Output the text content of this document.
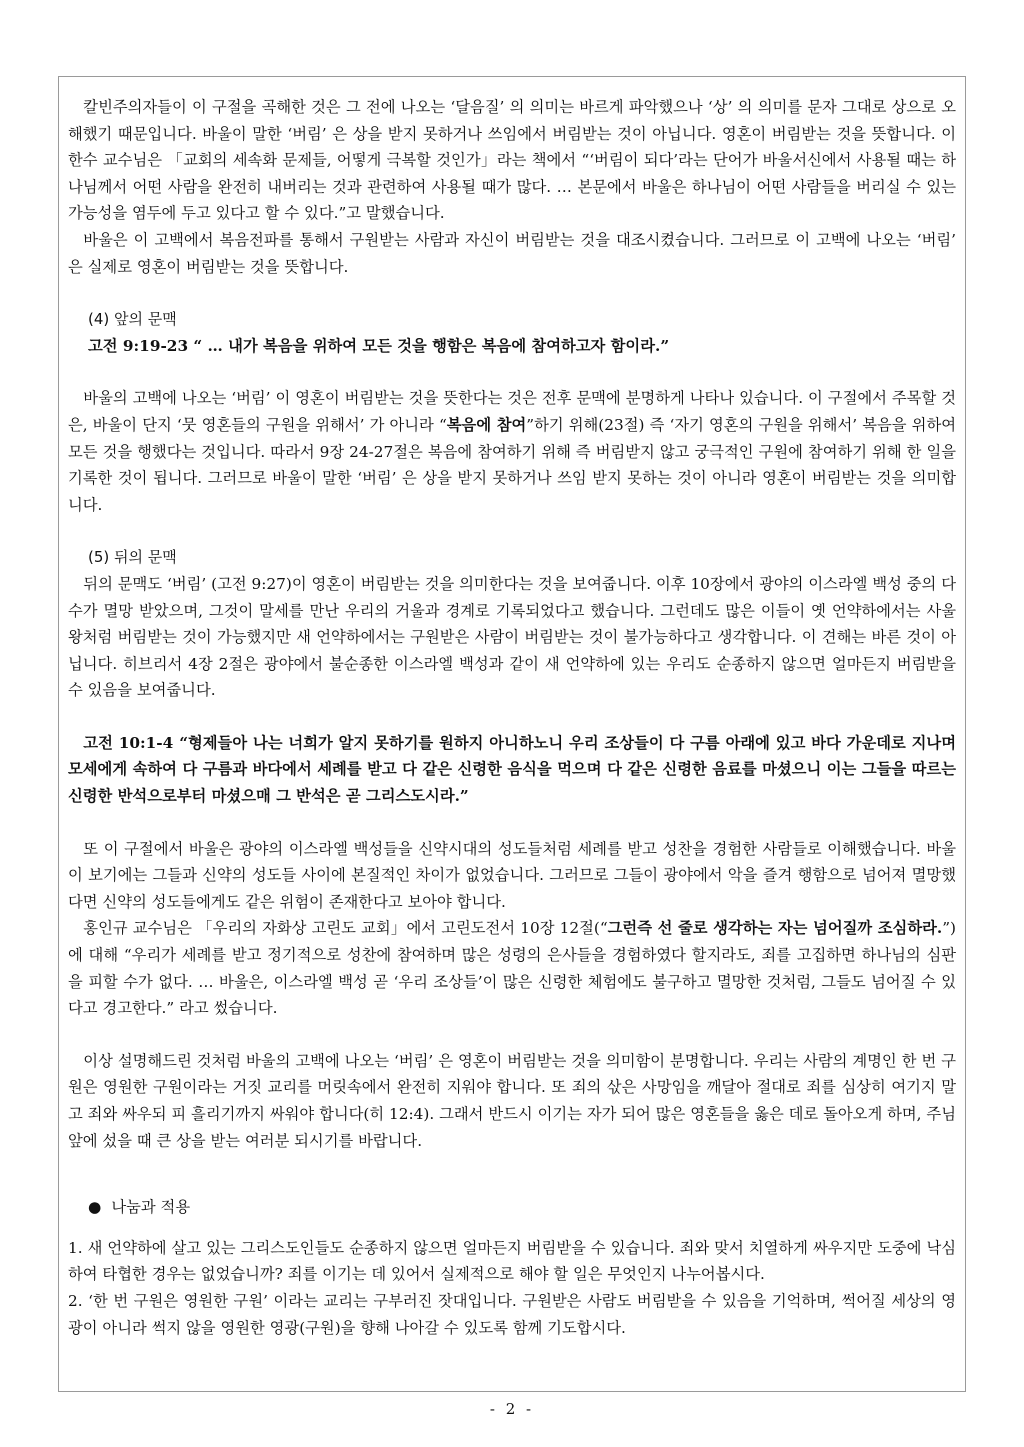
칼빈주의자들이 이 구절을 곡해한 것은 그 전에 나오는 ‘달음질’ 의 의미는 바르게 파악했으나 ‘상’ 의 의미를 문자 그대로 상으로 오해했기 때문입니다. 바울이 말한 ‘버림’ 은 상을 받지 못하거나 쓰임에서 버림받는 것이 아닙니다. 영혼이 버림받는 것을 뜻합니다. 이한수 교수님은 「교회의 세속화 문제들, 어떻게 극복할 것인가」라는 책에서 “‘버림이 되다’라는 단어가 바울서신에서 사용될 때는 하나님께서 어떤 사람을 완전히 내버리는 것과 관련하여 사용될 때가 많다. … 본문에서 바울은 하나님이 어떤 사람들을 버리실 수 있는 가능성을 염두에 두고 있다고 할 수 있다.”고 말했습니다.

바울은 이 고백에서 복음전파를 통해서 구원받는 사람과 자신이 버림받는 것을 대조시켰습니다. 그러므로 이 고백에 나오는 ‘버림’ 은 실제로 영혼이 버림받는 것을 뜻합니다.

(4) 앞의 문맥

고전 9:19-23 “ … 내가 복음을 위하여 모든 것을 행함은 복음에 참여하고자 함이라.”

바울의 고백에 나오는 ‘버림’ 이 영혼이 버림받는 것을 뜻한다는 것은 전후 문맥에 분명하게 나타나 있습니다. 이 구절에서 주목할 것은, 바울이 단지 ‘뭇 영혼들의 구원을 위해서’ 가 아니라 “복음에 참여”하기 위해(23절) 즉 ‘자기 영혼의 구원을 위해서’ 복음을 위하여 모든 것을 행했다는 것입니다. 따라서 9장 24-27절은 복음에 참여하기 위해 즉 버림받지 않고 궁극적인 구원에 참여하기 위해 한 일을 기록한 것이 됩니다. 그러므로 바울이 말한 ‘버림’ 은 상을 받지 못하거나 쓰임 받지 못하는 것이 아니라 영혼이 버림받는 것을 의미합니다.

(5) 뒤의 문맥

뒤의 문맥도 ‘버림’ (고전 9:27)이 영혼이 버림받는 것을 의미한다는 것을 보여줍니다. 이후 10장에서 광야의 이스라엘 백성 중의 다수가 멸망 받았으며, 그것이 말세를 만난 우리의 거울과 경계로 기록되었다고 했습니다. 그런데도 많은 이들이 옛 언약하에서는 사울 왕처럼 버림받는 것이 가능했지만 새 언약하에서는 구원받은 사람이 버림받는 것이 불가능하다고 생각합니다. 이 견해는 바른 것이 아닙니다. 히브리서 4장 2절은 광야에서 불순종한 이스라엘 백성과 같이 새 언약하에 있는 우리도 순종하지 않으면 얼마든지 버림받을 수 있음을 보여줍니다.

고전 10:1-4 “형제들아 나는 너희가 알지 못하기를 원하지 아니하노니 우리 조상들이 다 구름 아래에 있고 바다 가운데로 지나며 모세에게 속하여 다 구름과 바다에서 세례를 받고 다 같은 신령한 음식을 먹으며 다 같은 신령한 음료를 마셨으니 이는 그들을 따르는 신령한 반석으로부터 마셨으매 그 반석은 곧 그리스도시라.”

또 이 구절에서 바울은 광야의 이스라엘 백성들을 신약시대의 성도들처럼 세례를 받고 성찬을 경험한 사람들로 이해했습니다. 바울이 보기에는 그들과 신약의 성도들 사이에 본질적인 차이가 없었습니다. 그러므로 그들이 광야에서 악을 즐겨 행함으로 넘어져 멸망했다면 신약의 성도들에게도 같은 위험이 존재한다고 보아야 합니다.

홍인규 교수님은 「우리의 자화상 고린도 교회」에서 고린도전서 10장 12절(“그런즉 선 줄로 생각하는 자는 넘어질까 조심하라.”)에 대해 “우리가 세례를 받고 정기적으로 성찬에 참여하며 많은 성령의 은사들을 경험하였다 할지라도, 죄를 고집하면 하나님의 심판을 피할 수가 없다. … 바울은, 이스라엘 백성 곧 ‘우리 조상들’이 많은 신령한 체험에도 불구하고 멸망한 것처럼, 그들도 넘어질 수 있다고 경고한다.” 라고 썼습니다.

이상 설명해드린 것처럼 바울의 고백에 나오는 ‘버림’ 은 영혼이 버림받는 것을 의미함이 분명합니다. 우리는 사람의 계명인 한 번 구원은 영원한 구원이라는 거짓 교리를 머릿속에서 완전히 지워야 합니다. 또 죄의 삯은 사망임을 깨달아 절대로 죄를 심상히 여기지 말고 죄와 싸우되 피 흘리기까지 싸워야 합니다(히 12:4). 그래서 반드시 이기는 자가 되어 많은 영혼들을 옳은 데로 돌아오게 하며, 주님 앞에 섰을 때 큰 상을 받는 여러분 되시기를 바랍니다.

● 나눔과 적용

1. 새 언약하에 살고 있는 그리스도인들도 순종하지 않으면 얼마든지 버림받을 수 있습니다. 죄와 맞서 치열하게 싸우지만 도중에 낙심하여 타협한 경우는 없었습니까? 죄를 이기는 데 있어서 실제적으로 해야 할 일은 무엇인지 나누어봅시다.

2. ‘한 번 구원은 영원한 구원’ 이라는 교리는 구부러진 잣대입니다. 구원받은 사람도 버림받을 수 있음을 기억하며, 썩어질 세상의 영광이 아니라 썩지 않을 영원한 영광(구원)을 향해 나아갈 수 있도록 함께 기도합시다.

- 2 -
